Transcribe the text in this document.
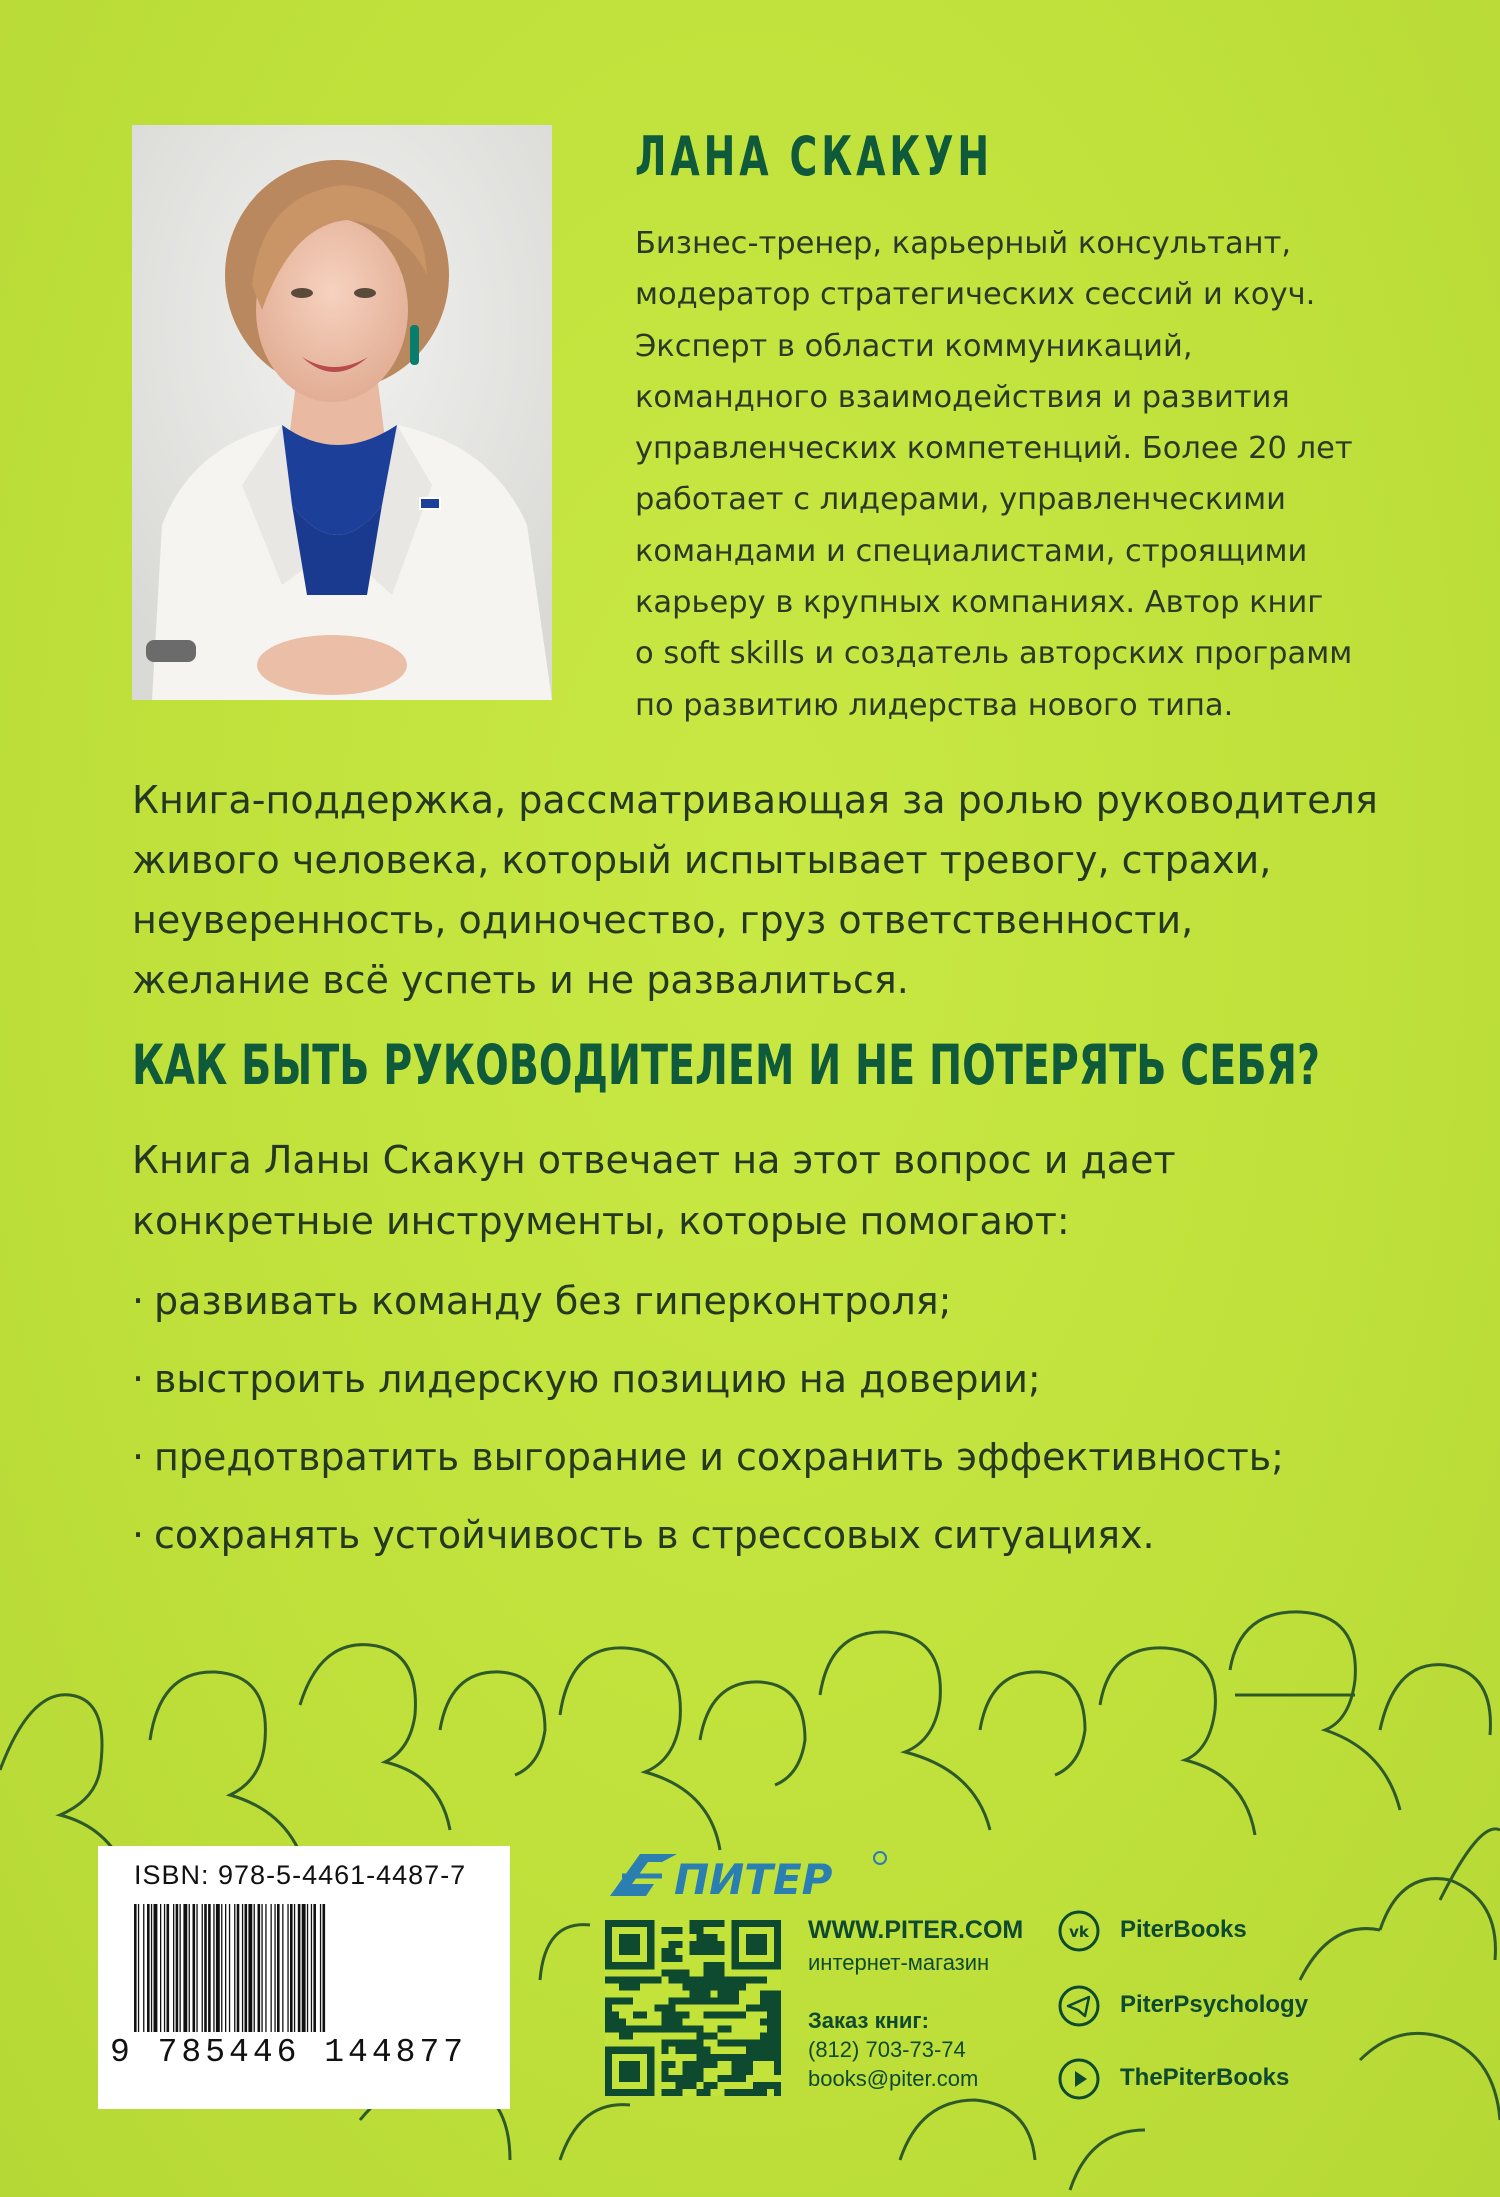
ЛАНА СКАКУН

Бизнес-тренер, карьерный консультант,
модератор стратегических сессий и коуч.
Эксперт в области коммуникаций,
командного взаимодействия и развития
управленческих компетенций. Более 20 лет
работает с лидерами, управленческими
командами и специалистами, строящими
карьеру в крупных компаниях. Автор книг
о soft skills и создатель авторских программ
по развитию лидерства нового типа.

Книга-поддержка, рассматривающая за ролью руководителя
живого человека, который испытывает тревогу, страхи,
неуверенность, одиночество, груз ответственности,
желание всё успеть и не развалиться.

КАК БЫТЬ РУКОВОДИТЕЛЕМ И НЕ ПОТЕРЯТЬ СЕБЯ?

Книга Ланы Скакун отвечает на этот вопрос и дает
конкретные инструменты, которые помогают:

· развивать команду без гиперконтроля;
· выстроить лидерскую позицию на доверии;
· предотвратить выгорание и сохранить эффективность;
· сохранять устойчивость в стрессовых ситуациях.
ISBN: 978-5-4461-4487-7
9 785446 144877
ПИТЕР
WWW.PITER.COM
интернет-магазин
Заказ книг:
(812) 703-73-74
books@piter.com
vk PiterBooks
PiterPsychology
ThePiterBooks
